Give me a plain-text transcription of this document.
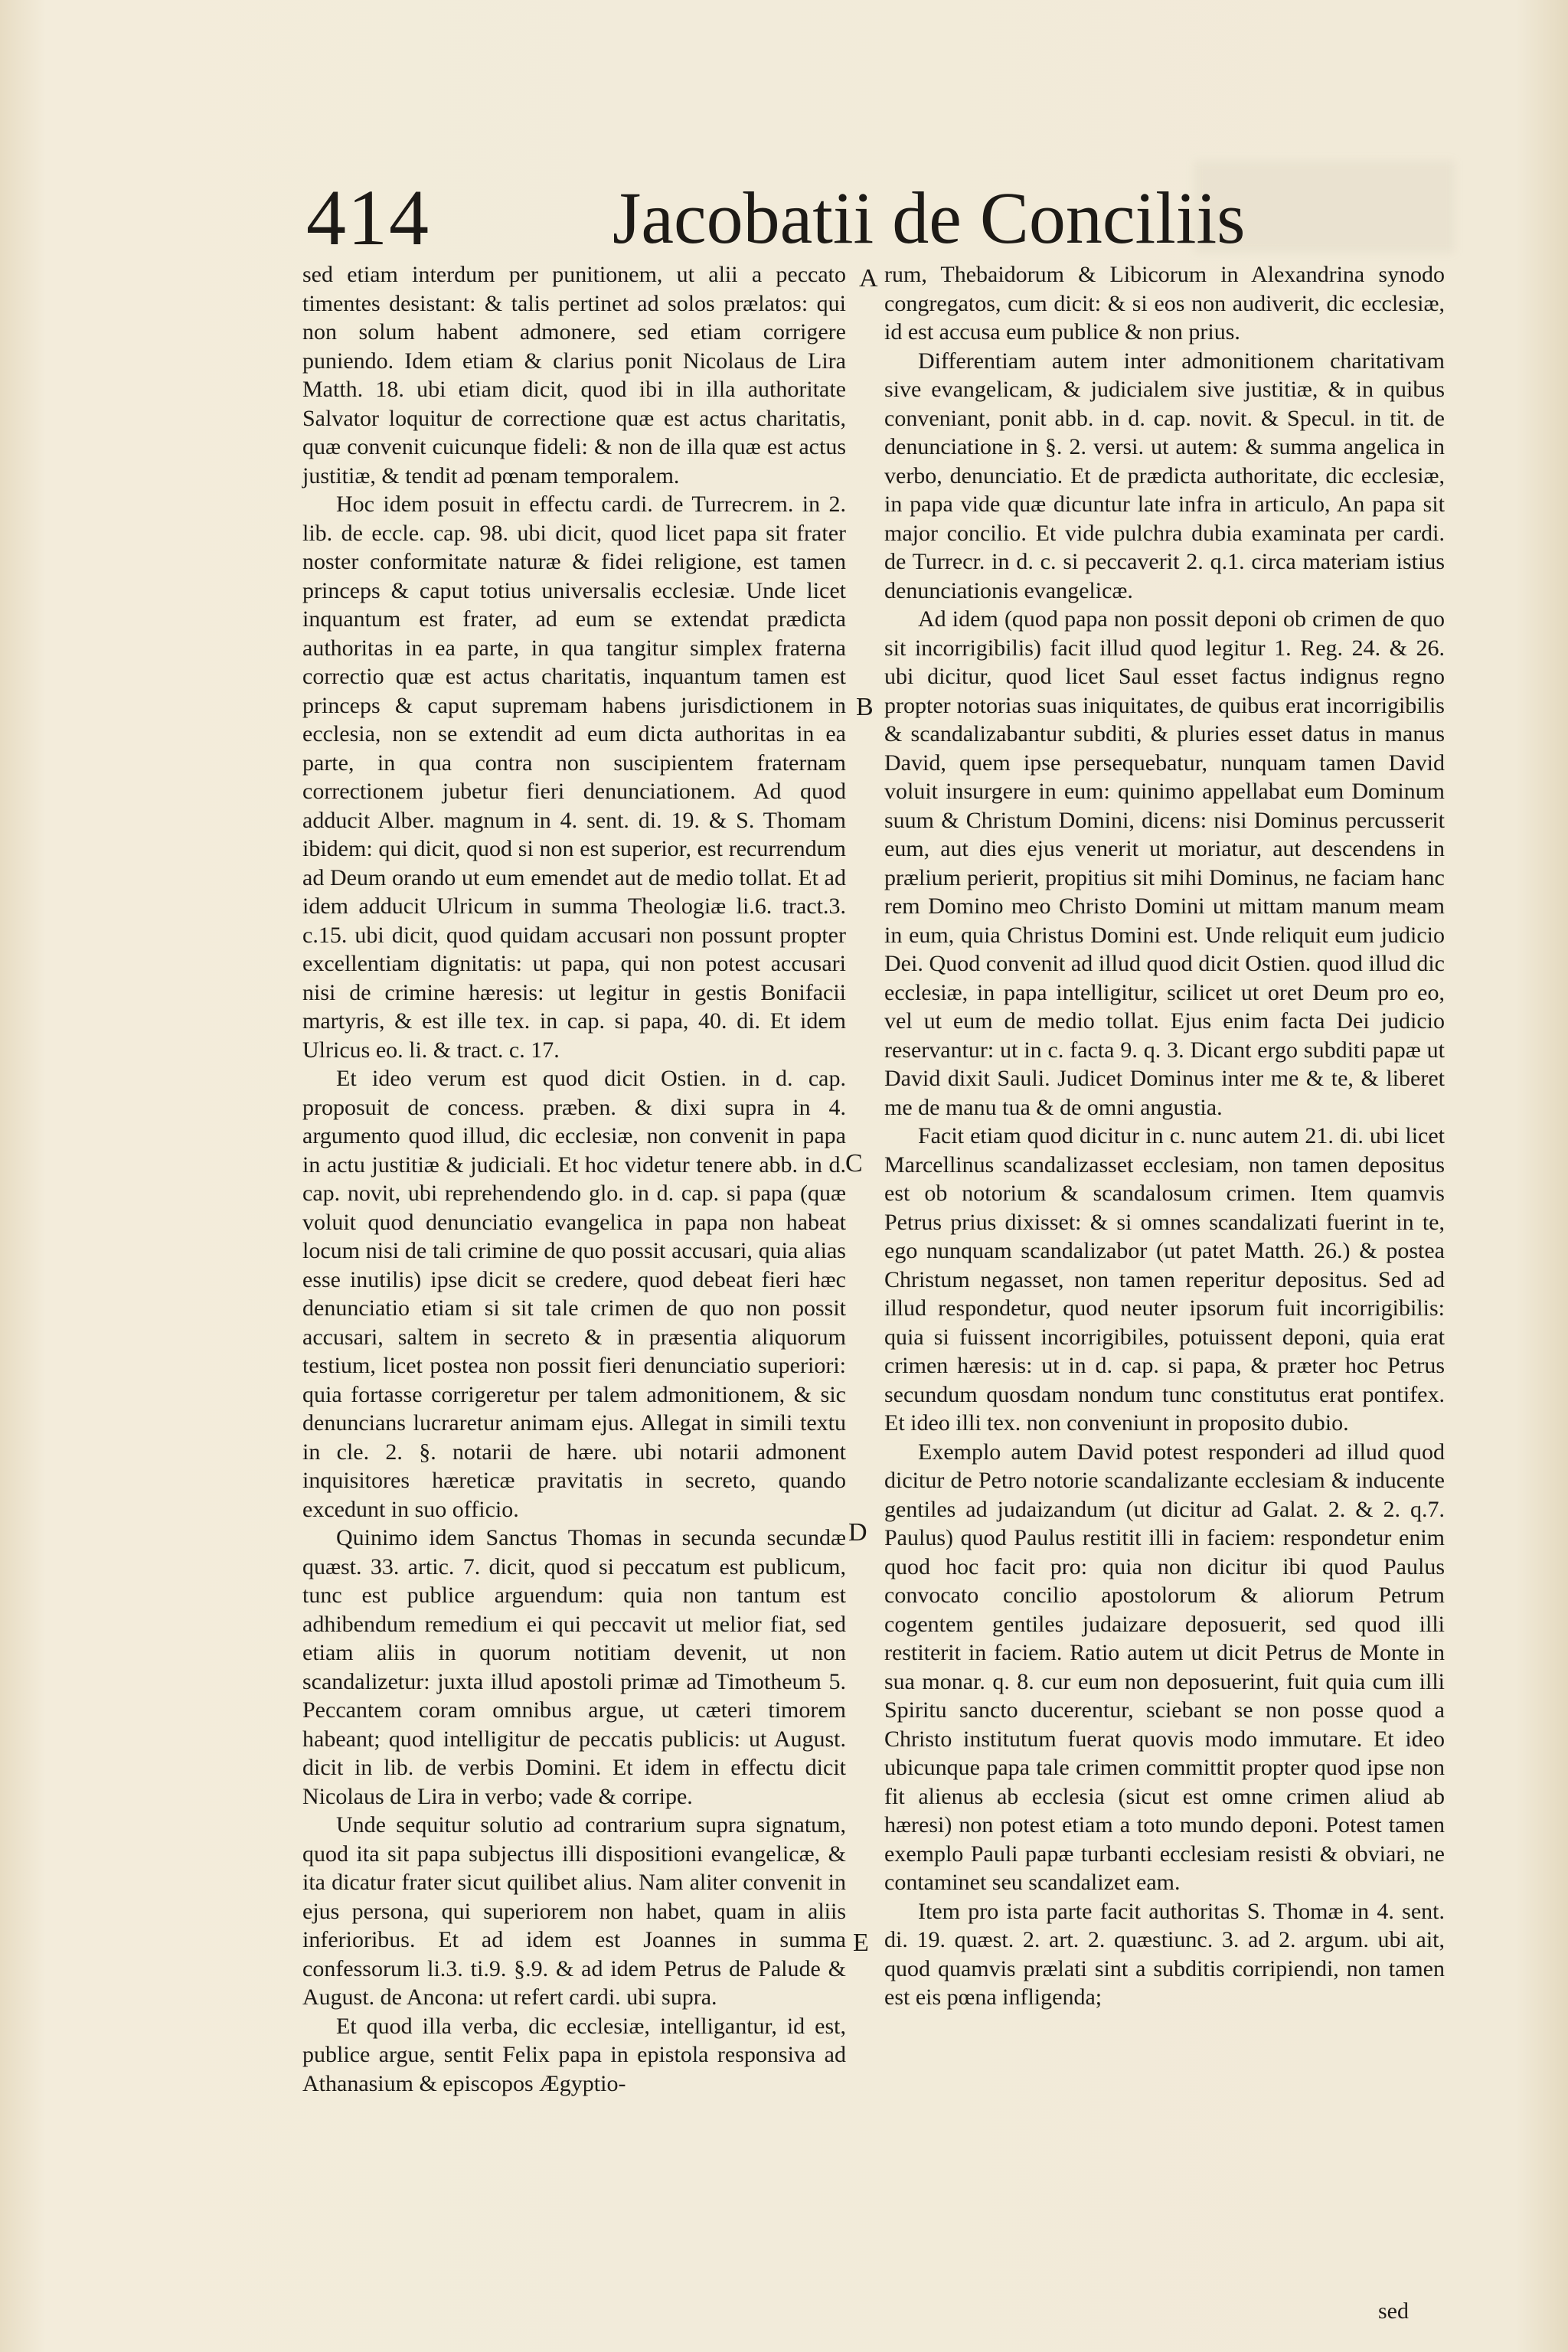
414 Jacobatii de Conciliis

sed etiam interdum per punitionem, ut alii a peccato timentes desistant: & talis pertinet ad solos prælatos: qui non solum habent admonere, sed etiam corrigere puniendo. Idem etiam & clarius ponit Nicolaus de Lira Matth. 18. ubi etiam dicit, quod ibi in illa authoritate Salvator loquitur de correctione quæ est actus charitatis, quæ convenit cuicunque fideli: & non de illa quæ est actus justitiæ, & tendit ad pœnam temporalem.

Hoc idem posuit in effectu cardi. de Turrecrem. in 2. lib. de eccle. cap. 98. ubi dicit, quod licet papa sit frater noster conformitate naturæ & fidei religione, est tamen princeps & caput totius universalis ecclesiæ. Unde licet inquantum est frater, ad eum se extendat prædicta authoritas in ea parte, in qua tangitur simplex fraterna correctio quæ est actus charitatis, inquantum tamen est princeps & caput supremam habens jurisdictionem in ecclesia, non se extendit ad eum dicta authoritas in ea parte, in qua contra non suscipientem fraternam correctionem jubetur fieri denunciationem. Ad quod adducit Alber. magnum in 4. sent. di. 19. & S. Thomam ibidem: qui dicit, quod si non est superior, est recurrendum ad Deum orando ut eum emendet aut de medio tollat. Et ad idem adducit Ulricum in summa Theologiæ li.6. tract.3. c.15. ubi dicit, quod quidam accusari non possunt propter excellentiam dignitatis: ut papa, qui non potest accusari nisi de crimine hæresis: ut legitur in gestis Bonifacii martyris, & est ille tex. in cap. si papa, 40. di. Et idem Ulricus eo. li. & tract. c. 17.

Et ideo verum est quod dicit Ostien. in d. cap. proposuit de concess. præben. & dixi supra in 4. argumento quod illud, dic ecclesiæ, non convenit in papa in actu justitiæ & judiciali. Et hoc videtur tenere abb. in d. cap. novit, ubi reprehendendo glo. in d. cap. si papa (quæ voluit quod denunciatio evangelica in papa non habeat locum nisi de tali crimine de quo possit accusari, quia alias esse inutilis) ipse dicit se credere, quod debeat fieri hæc denunciatio etiam si sit tale crimen de quo non possit accusari, saltem in secreto & in præsentia aliquorum testium, licet postea non possit fieri denunciatio superiori: quia fortasse corrigeretur per talem admonitionem, & sic denuncians lucraretur animam ejus. Allegat in simili textu in cle. 2. §. notarii de hære. ubi notarii admonent inquisitores hæreticæ pravitatis in secreto, quando excedunt in suo officio.

Quinimo idem Sanctus Thomas in secunda secundæ quæst. 33. artic. 7. dicit, quod si peccatum est publicum, tunc est publice arguendum: quia non tantum est adhibendum remedium ei qui peccavit ut melior fiat, sed etiam aliis in quorum notitiam devenit, ut non scandalizetur: juxta illud apostoli primæ ad Timotheum 5. Peccantem coram omnibus argue, ut cæteri timorem habeant; quod intelligitur de peccatis publicis: ut August. dicit in lib. de verbis Domini. Et idem in effectu dicit Nicolaus de Lira in verbo; vade & corripe.

Unde sequitur solutio ad contrarium supra signatum, quod ita sit papa subjectus illi dispositioni evangelicæ, & ita dicatur frater sicut quilibet alius. Nam aliter convenit in ejus persona, qui superiorem non habet, quam in aliis inferioribus. Et ad idem est Joannes in summa confessorum li.3. ti.9. §.9. & ad idem Petrus de Palude & August. de Ancona: ut refert cardi. ubi supra.

Et quod illa verba, dic ecclesiæ, intelligantur, id est, publice argue, sentit Felix papa in epistola responsiva ad Athanasium & episcopos Ægyptio-

A
B
C
D
E

rum, Thebaidorum & Libicorum in Alexandrina synodo congregatos, cum dicit: & si eos non audiverit, dic ecclesiæ, id est accusa eum publice & non prius.

Differentiam autem inter admonitionem charitativam sive evangelicam, & judicialem sive justitiæ, & in quibus conveniant, ponit abb. in d. cap. novit. & Specul. in tit. de denunciatione in §. 2. versi. ut autem: & summa angelica in verbo, denunciatio. Et de prædicta authoritate, dic ecclesiæ, in papa vide quæ dicuntur late infra in articulo, An papa sit major concilio. Et vide pulchra dubia examinata per cardi. de Turrecr. in d. c. si peccaverit 2. q.1. circa materiam istius denunciationis evangelicæ.

Ad idem (quod papa non possit deponi ob crimen de quo sit incorrigibilis) facit illud quod legitur 1. Reg. 24. & 26. ubi dicitur, quod licet Saul esset factus indignus regno propter notorias suas iniquitates, de quibus erat incorrigibilis & scandalizabantur subditi, & pluries esset datus in manus David, quem ipse persequebatur, nunquam tamen David voluit insurgere in eum: quinimo appellabat eum Dominum suum & Christum Domini, dicens: nisi Dominus percusserit eum, aut dies ejus venerit ut moriatur, aut descendens in prælium perierit, propitius sit mihi Dominus, ne faciam hanc rem Domino meo Christo Domini ut mittam manum meam in eum, quia Christus Domini est. Unde reliquit eum judicio Dei. Quod convenit ad illud quod dicit Ostien. quod illud dic ecclesiæ, in papa intelligitur, scilicet ut oret Deum pro eo, vel ut eum de medio tollat. Ejus enim facta Dei judicio reservantur: ut in c. facta 9. q. 3. Dicant ergo subditi papæ ut David dixit Sauli. Judicet Dominus inter me & te, & liberet me de manu tua & de omni angustia.

Facit etiam quod dicitur in c. nunc autem 21. di. ubi licet Marcellinus scandalizasset ecclesiam, non tamen depositus est ob notorium & scandalosum crimen. Item quamvis Petrus prius dixisset: & si omnes scandalizati fuerint in te, ego nunquam scandalizabor (ut patet Matth. 26.) & postea Christum negasset, non tamen reperitur depositus. Sed ad illud respondetur, quod neuter ipsorum fuit incorrigibilis: quia si fuissent incorrigibiles, potuissent deponi, quia erat crimen hæresis: ut in d. cap. si papa, & præter hoc Petrus secundum quosdam nondum tunc constitutus erat pontifex. Et ideo illi tex. non conveniunt in proposito dubio.

Exemplo autem David potest responderi ad illud quod dicitur de Petro notorie scandalizante ecclesiam & inducente gentiles ad judaizandum (ut dicitur ad Galat. 2. & 2. q.7. Paulus) quod Paulus restitit illi in faciem: respondetur enim quod hoc facit pro: quia non dicitur ibi quod Paulus convocato concilio apostolorum & aliorum Petrum cogentem gentiles judaizare deposuerit, sed quod illi restiterit in faciem. Ratio autem ut dicit Petrus de Monte in sua monar. q. 8. cur eum non deposuerint, fuit quia cum illi Spiritu sancto ducerentur, sciebant se non posse quod a Christo institutum fuerat quovis modo immutare. Et ideo ubicunque papa tale crimen committit propter quod ipse non fit alienus ab ecclesia (sicut est omne crimen aliud ab hæresi) non potest etiam a toto mundo deponi. Potest tamen exemplo Pauli papæ turbanti ecclesiam resisti & obviari, ne contaminet seu scandalizet eam.

Item pro ista parte facit authoritas S. Thomæ in 4. sent. di. 19. quæst. 2. art. 2. quæstiunc. 3. ad 2. argum. ubi ait, quod quamvis prælati sint a subditis corripiendi, non tamen est eis pœna infligenda;

sed
